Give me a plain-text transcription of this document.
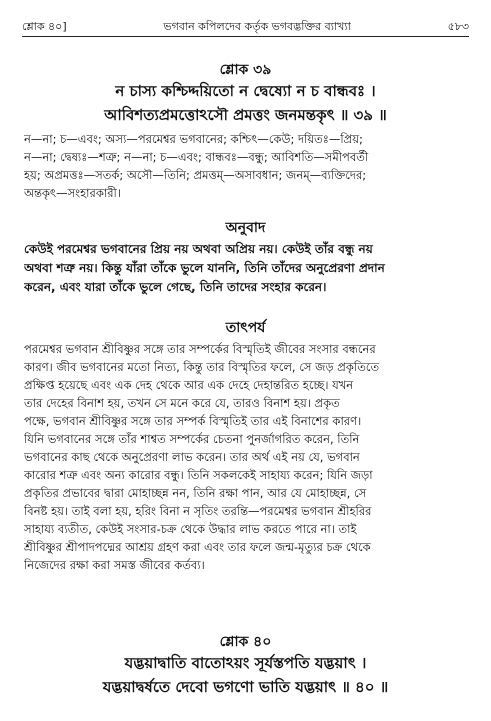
শ্লোক ৪০]	ভগবান কপিলদেব কর্তৃক ভগবদ্ভক্তির ব্যাখ্যা	৫৮৩
শ্লোক ৩৯
ন চাস্য কশ্চিদ্দয়িতো ন দ্বেষ্যো ন চ বান্ধবঃ ।
আবিশত্যপ্রমত্তোঽসৌ প্রমত্তং জনমন্তকৃৎ ॥ ৩৯ ॥
ন—না; চ—এবং; অস্য—পরমেশ্বর ভগবানের; কশ্চিৎ—কেউ; দয়িতঃ—প্রিয়;
ন—না; দ্বেষ্যঃ—শত্রু; ন—না; চ—এবং; বান্ধবঃ—বন্ধু; আবিশতি—সমীপবর্তী
হয়; অপ্রমত্তঃ—সতর্ক; অসৌ—তিনি; প্রমত্তম্—অসাবধান; জনম্—ব্যক্তিদের;
অন্তকৃৎ—সংহারকারী।
অনুবাদ
কেউই পরমেশ্বর ভগবানের প্রিয় নয় অথবা অপ্রিয় নয়। কেউই তাঁর বন্ধু নয়
অথবা শত্রু নয়। কিন্তু যাঁরা তাঁকে ভুলে যাননি, তিনি তাঁদের অনুপ্রেরণা প্রদান
করেন, এবং যারা তাঁকে ভুলে গেছে, তিনি তাদের সংহার করেন।
তাৎপর্য
পরমেশ্বর ভগবান শ্রীবিষ্ণুর সঙ্গে তার সম্পর্কের বিস্মৃতিই জীবের সংসার বন্ধনের
কারণ। জীব ভগবানের মতো নিত্য, কিন্তু তার বিস্মৃতির ফলে, সে জড় প্রকৃতিতে
প্রক্ষিপ্ত হয়েছে এবং এক দেহ থেকে আর এক দেহে দেহান্তরিত হচ্ছে। যখন
তার দেহের বিনাশ হয়, তখন সে মনে করে যে, তারও বিনাশ হয়। প্রকৃত
পক্ষে, ভগবান শ্রীবিষ্ণুর সঙ্গে তার সম্পর্ক বিস্মৃতিই তার এই বিনাশের কারণ।
যিনি ভগবানের সঙ্গে তাঁর শাশ্বত সম্পর্কের চেতনা পুনর্জাগরিত করেন, তিনি
ভগবানের কাছ থেকে অনুপ্রেরণা লাভ করেন। তার অর্থ এই নয় যে, ভগবান
কারোর শত্রু এবং অন্য কারোর বন্ধু। তিনি সকলকেই সাহায্য করেন; যিনি জড়া
প্রকৃতির প্রভাবের দ্বারা মোহাচ্ছন্ন নন, তিনি রক্ষা পান, আর যে মোহাচ্ছন্ন, সে
বিনষ্ট হয়। তাই বলা হয়, হরিং বিনা ন সৃতিং তরন্তি—পরমেশ্বর ভগবান শ্রীহরির
সাহায্য ব্যতীত, কেউই সংসার-চক্র থেকে উদ্ধার লাভ করতে পারে না। তাই
শ্রীবিষ্ণুর শ্রীপাদপদ্মের আশ্রয় গ্রহণ করা এবং তার ফলে জন্ম-মৃত্যুর চক্র থেকে
নিজেদের রক্ষা করা সমস্ত জীবের কর্তব্য।
শ্লোক ৪০
যদ্ভয়াদ্বাতি বাতোঽয়ং সূর্যস্তপতি যদ্ভয়াৎ ।
যদ্ভয়াদ্বর্ষতে দেবো ভগণো ভাতি যদ্ভয়াৎ ॥ ৪০ ॥
